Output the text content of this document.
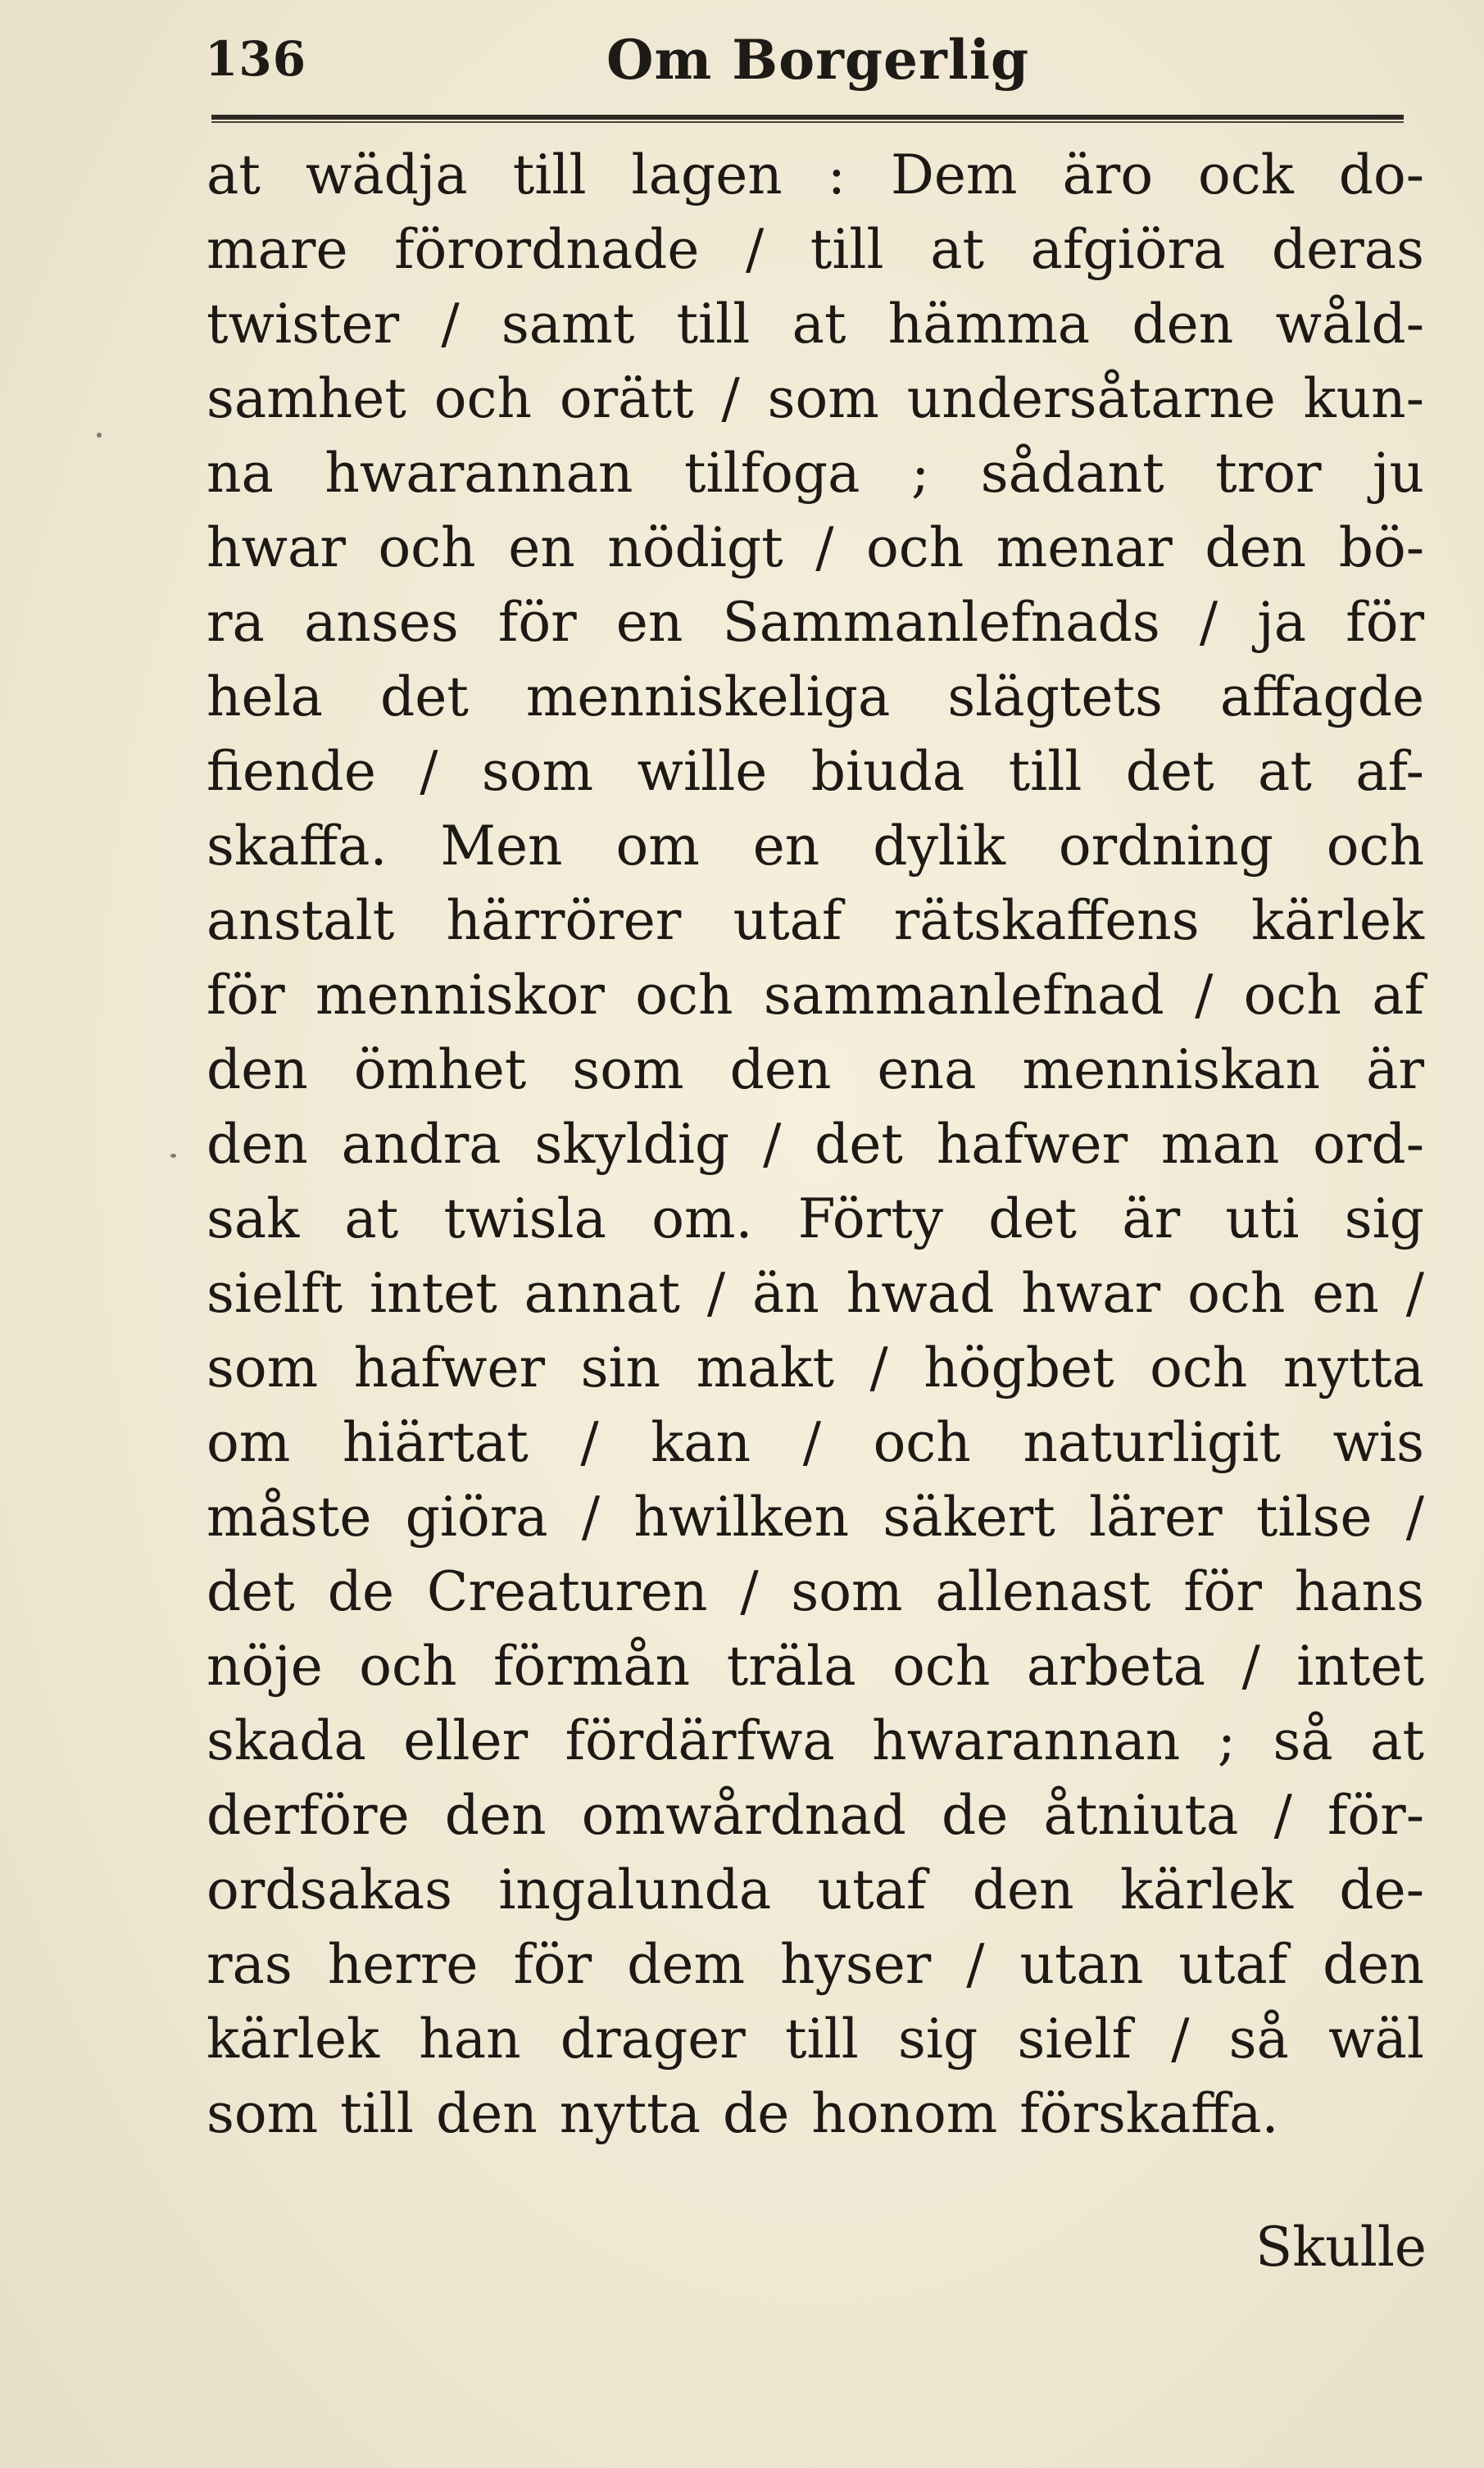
136	Om Borgerlig
at wädja till lagen : Dem äro ock do-
mare förordnade / till at afgiöra deras
twister / samt till at hämma den wåld-
samhet och orätt / som undersåtarne kun-
na hwarannan tilfoga ; sådant tror ju
hwar och en nödigt / och menar den bö-
ra anses för en Sammanlefnads / ja för
hela det menniskeliga slägtets affagde
fiende / som wille biuda till det at af-
skaffa. Men om en dylik ordning och
anstalt härrörer utaf rätskaffens kärlek
för menniskor och sammanlefnad / och af
den ömhet som den ena menniskan är
den andra skyldig / det hafwer man ord-
sak at twisla om. Förty det är uti sig
sielft intet annat / än hwad hwar och en /
som hafwer sin makt / högbet och nytta
om hiärtat / kan / och naturligit wis
måste giöra / hwilken säkert lärer tilse /
det de Creaturen / som allenast för hans
nöje och förmån träla och arbeta / intet
skada eller fördärfwa hwarannan ; så at
derföre den omwårdnad de åtniuta / för-
ordsakas ingalunda utaf den kärlek de-
ras herre för dem hyser / utan utaf den
kärlek han drager till sig sielf / så wäl
som till den nytta de honom förskaffa.
Skulle
